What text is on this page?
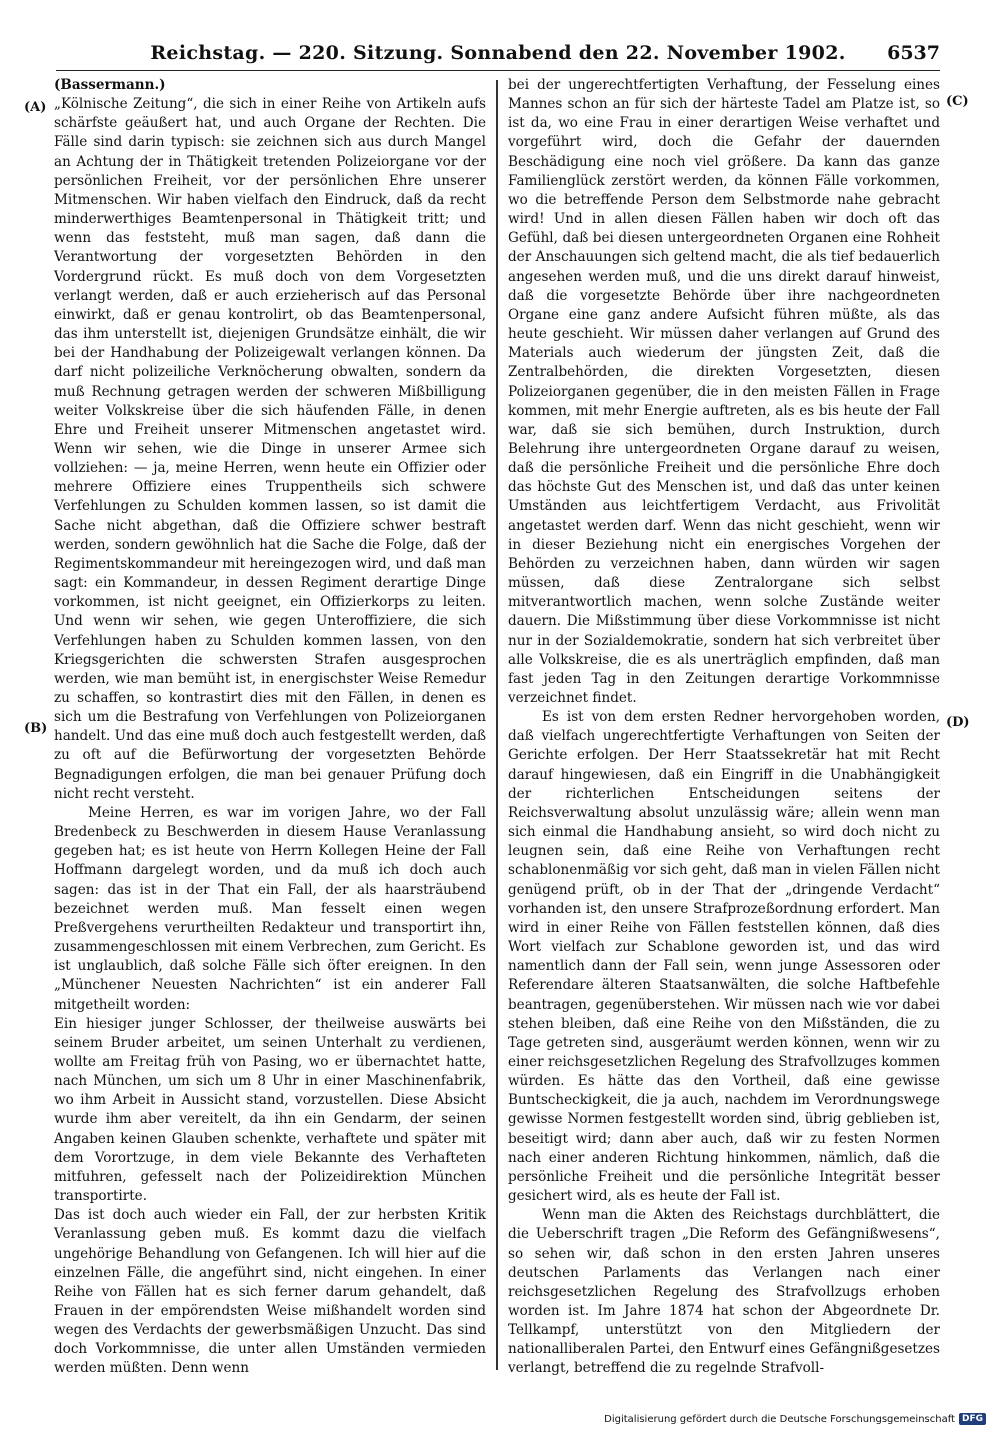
Reichstag. — 220. Sitzung. Sonnabend den 22. November 1902.	6537
(A)
(B)
(C)
(D)

(Bassermann.)

„Kölnische Zeitung“, die sich in einer Reihe von Artikeln aufs schärfste geäußert hat, und auch Organe der Rechten. Die Fälle sind darin typisch: sie zeichnen sich aus durch Mangel an Achtung der in Thätigkeit tretenden Polizeiorgane vor der persönlichen Freiheit, vor der persönlichen Ehre unserer Mitmenschen. Wir haben vielfach den Eindruck, daß da recht minderwerthiges Beamtenpersonal in Thätigkeit tritt; und wenn das feststeht, muß man sagen, daß dann die Verantwortung der vorgesetzten Behörden in den Vordergrund rückt. Es muß doch von dem Vorgesetzten verlangt werden, daß er auch erzieherisch auf das Personal einwirkt, daß er genau kontrolirt, ob das Beamtenpersonal, das ihm unterstellt ist, diejenigen Grundsätze einhält, die wir bei der Handhabung der Polizeigewalt verlangen können. Da darf nicht polizeiliche Verknöcherung obwalten, sondern da muß Rechnung getragen werden der schweren Mißbilligung weiter Volkskreise über die sich häufenden Fälle, in denen Ehre und Freiheit unserer Mitmenschen angetastet wird. Wenn wir sehen, wie die Dinge in unserer Armee sich vollziehen: — ja, meine Herren, wenn heute ein Offizier oder mehrere Offiziere eines Truppentheils sich schwere Verfehlungen zu Schulden kommen lassen, so ist damit die Sache nicht abgethan, daß die Offiziere schwer bestraft werden, sondern gewöhnlich hat die Sache die Folge, daß der Regimentskommandeur mit hereingezogen wird, und daß man sagt: ein Kommandeur, in dessen Regiment derartige Dinge vorkommen, ist nicht geeignet, ein Offizierkorps zu leiten. Und wenn wir sehen, wie gegen Unteroffiziere, die sich Verfehlungen haben zu Schulden kommen lassen, von den Kriegsgerichten die schwersten Strafen ausgesprochen werden, wie man bemüht ist, in energischster Weise Remedur zu schaffen, so kontrastirt dies mit den Fällen, in denen es sich um die Bestrafung von Verfehlungen von Polizeiorganen handelt. Und das eine muß doch auch festgestellt werden, daß zu oft auf die Befürwortung der vorgesetzten Behörde Begnadigungen erfolgen, die man bei genauer Prüfung doch nicht recht versteht.

Meine Herren, es war im vorigen Jahre, wo der Fall Bredenbeck zu Beschwerden in diesem Hause Veranlassung gegeben hat; es ist heute von Herrn Kollegen Heine der Fall Hoffmann dargelegt worden, und da muß ich doch auch sagen: das ist in der That ein Fall, der als haarsträubend bezeichnet werden muß. Man fesselt einen wegen Preßvergehens verurtheilten Redakteur und transportirt ihn, zusammengeschlossen mit einem Verbrechen, zum Gericht. Es ist unglaublich, daß solche Fälle sich öfter ereignen. In den „Münchener Neuesten Nachrichten“ ist ein anderer Fall mitgetheilt worden:

Ein hiesiger junger Schlosser, der theilweise auswärts bei seinem Bruder arbeitet, um seinen Unterhalt zu verdienen, wollte am Freitag früh von Pasing, wo er übernachtet hatte, nach München, um sich um 8 Uhr in einer Maschinenfabrik, wo ihm Arbeit in Aussicht stand, vorzustellen. Diese Absicht wurde ihm aber vereitelt, da ihn ein Gendarm, der seinen Angaben keinen Glauben schenkte, verhaftete und später mit dem Vorortzuge, in dem viele Bekannte des Verhafteten mitfuhren, gefesselt nach der Polizeidirektion München transportirte.

Das ist doch auch wieder ein Fall, der zur herbsten Kritik Veranlassung geben muß. Es kommt dazu die vielfach ungehörige Behandlung von Gefangenen. Ich will hier auf die einzelnen Fälle, die angeführt sind, nicht eingehen. In einer Reihe von Fällen hat es sich ferner darum gehandelt, daß Frauen in der empörendsten Weise mißhandelt worden sind wegen des Verdachts der gewerbsmäßigen Unzucht. Das sind doch Vorkommnisse, die unter allen Umständen vermieden werden müßten. Denn wenn

bei der ungerechtfertigten Verhaftung, der Fesselung eines Mannes schon an für sich der härteste Tadel am Platze ist, so ist da, wo eine Frau in einer derartigen Weise verhaftet und vorgeführt wird, doch die Gefahr der dauernden Beschädigung eine noch viel größere. Da kann das ganze Familienglück zerstört werden, da können Fälle vorkommen, wo die betreffende Person dem Selbstmorde nahe gebracht wird! Und in allen diesen Fällen haben wir doch oft das Gefühl, daß bei diesen untergeordneten Organen eine Rohheit der Anschauungen sich geltend macht, die als tief bedauerlich angesehen werden muß, und die uns direkt darauf hinweist, daß die vorgesetzte Behörde über ihre nachgeordneten Organe eine ganz andere Aufsicht führen müßte, als das heute geschieht. Wir müssen daher verlangen auf Grund des Materials auch wiederum der jüngsten Zeit, daß die Zentralbehörden, die direkten Vorgesetzten, diesen Polizeiorganen gegenüber, die in den meisten Fällen in Frage kommen, mit mehr Energie auftreten, als es bis heute der Fall war, daß sie sich bemühen, durch Instruktion, durch Belehrung ihre untergeordneten Organe darauf zu weisen, daß die persönliche Freiheit und die persönliche Ehre doch das höchste Gut des Menschen ist, und daß das unter keinen Umständen aus leichtfertigem Verdacht, aus Frivolität angetastet werden darf. Wenn das nicht geschieht, wenn wir in dieser Beziehung nicht ein energisches Vorgehen der Behörden zu verzeichnen haben, dann würden wir sagen müssen, daß diese Zentralorgane sich selbst mitverantwortlich machen, wenn solche Zustände weiter dauern. Die Mißstimmung über diese Vorkommnisse ist nicht nur in der Sozialdemokratie, sondern hat sich verbreitet über alle Volkskreise, die es als unerträglich empfinden, daß man fast jeden Tag in den Zeitungen derartige Vorkommnisse verzeichnet findet.

Es ist von dem ersten Redner hervorgehoben worden, daß vielfach ungerechtfertigte Verhaftungen von Seiten der Gerichte erfolgen. Der Herr Staatssekretär hat mit Recht darauf hingewiesen, daß ein Eingriff in die Unabhängigkeit der richterlichen Entscheidungen seitens der Reichsverwaltung absolut unzulässig wäre; allein wenn man sich einmal die Handhabung ansieht, so wird doch nicht zu leugnen sein, daß eine Reihe von Verhaftungen recht schablonenmäßig vor sich geht, daß man in vielen Fällen nicht genügend prüft, ob in der That der „dringende Verdacht“ vorhanden ist, den unsere Strafprozeßordnung erfordert. Man wird in einer Reihe von Fällen feststellen können, daß dies Wort vielfach zur Schablone geworden ist, und das wird namentlich dann der Fall sein, wenn junge Assessoren oder Referendare älteren Staatsanwälten, die solche Haftbefehle beantragen, gegenüberstehen. Wir müssen nach wie vor dabei stehen bleiben, daß eine Reihe von den Mißständen, die zu Tage getreten sind, ausgeräumt werden können, wenn wir zu einer reichsgesetzlichen Regelung des Strafvollzuges kommen würden. Es hätte das den Vortheil, daß eine gewisse Buntscheckigkeit, die ja auch, nachdem im Verordnungswege gewisse Normen festgestellt worden sind, übrig geblieben ist, beseitigt wird; dann aber auch, daß wir zu festen Normen nach einer anderen Richtung hinkommen, nämlich, daß die persönliche Freiheit und die persönliche Integrität besser gesichert wird, als es heute der Fall ist.

Wenn man die Akten des Reichstags durchblättert, die die Ueberschrift tragen „Die Reform des Gefängnißwesens“, so sehen wir, daß schon in den ersten Jahren unseres deutschen Parlaments das Verlangen nach einer reichsgesetzlichen Regelung des Strafvollzugs erhoben worden ist. Im Jahre 1874 hat schon der Abgeordnete Dr. Tellkampf, unterstützt von den Mitgliedern der nationalliberalen Partei, den Entwurf eines Gefängnißgesetzes verlangt, betreffend die zu regelnde Strafvoll-

Digitalisierung gefördert durch die Deutsche Forschungsgemeinschaft DFG
